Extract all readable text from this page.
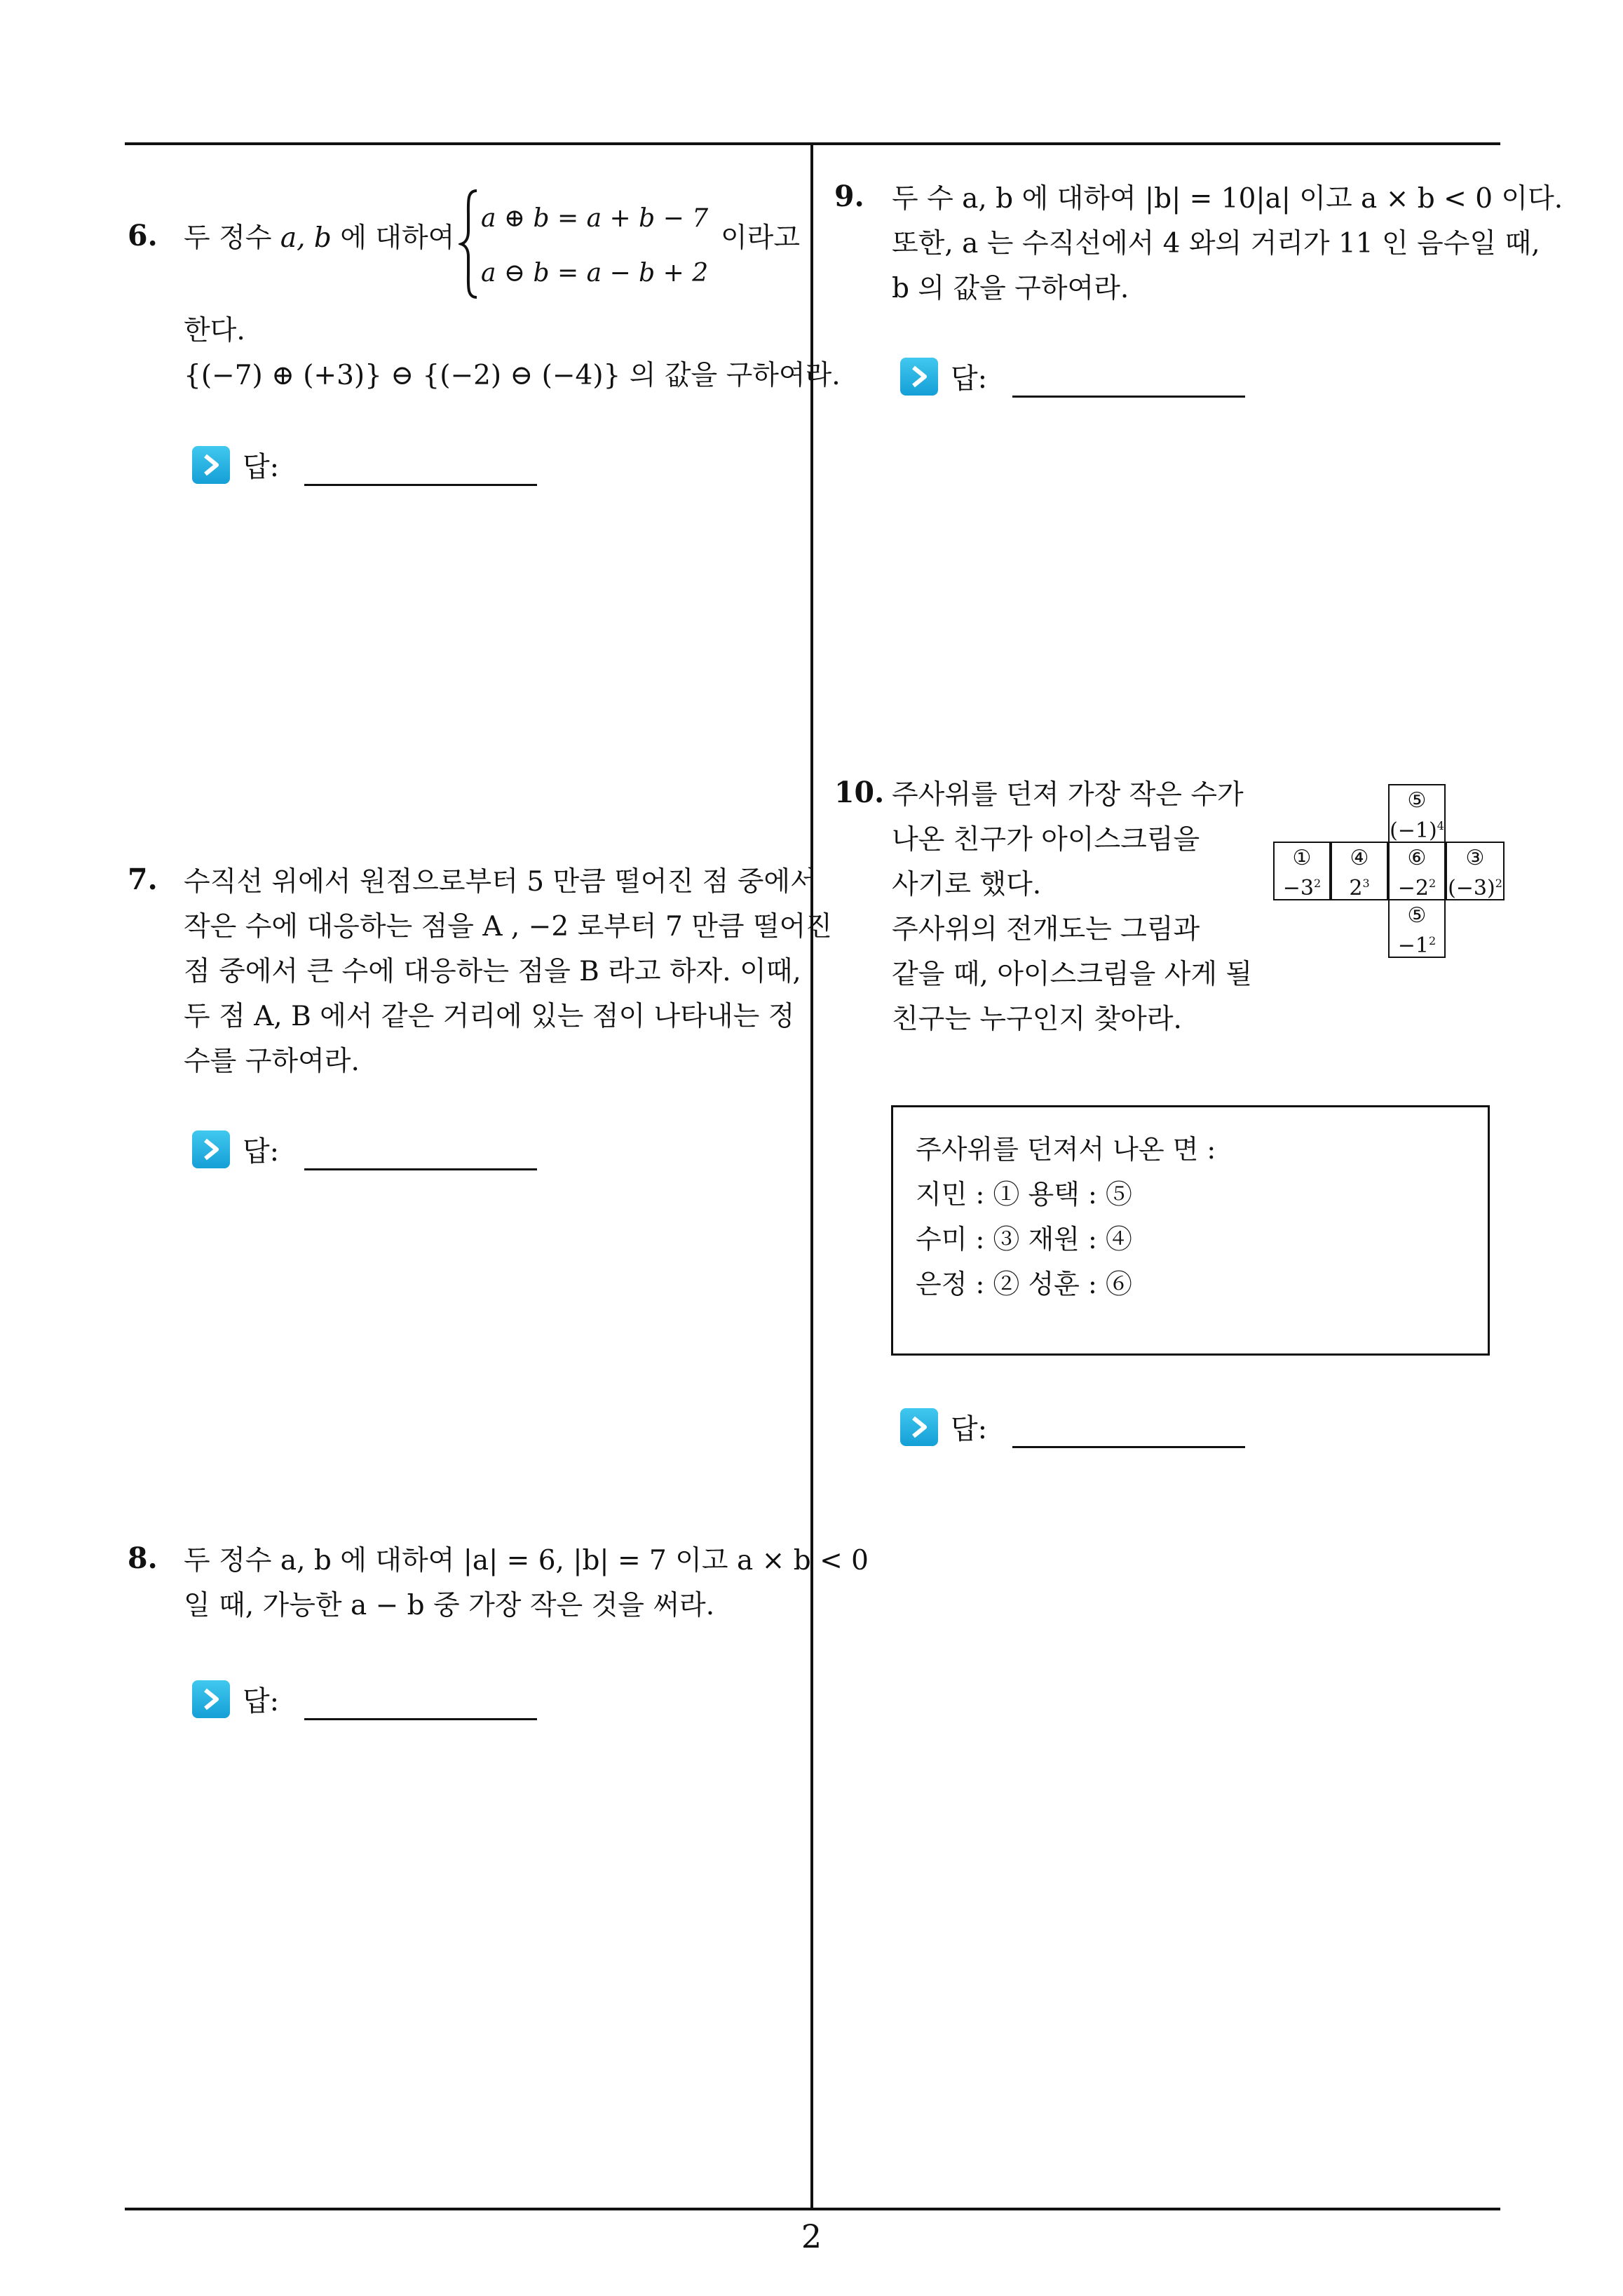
6. 두 정수 a, b 에 대하여
a ⊕ b = a + b − 7
a ⊖ b = a − b + 2
이라고
한다.
{(−7) ⊕ (+3)} ⊖ {(−2) ⊖ (−4)} 의 값을 구하여라.
답:
7. 수직선 위에서 원점으로부터 5 만큼 떨어진 점 중에서
작은 수에 대응하는 점을 A , −2 로부터 7 만큼 떨어진
점 중에서 큰 수에 대응하는 점을 B 라고 하자. 이때,
두 점 A, B 에서 같은 거리에 있는 점이 나타내는 정
수를 구하여라.
답:
8. 두 정수 a, b 에 대하여 |a| = 6, |b| = 7 이고 a × b < 0
일 때, 가능한 a − b 중 가장 작은 것을 써라.
답:
9. 두 수 a, b 에 대하여 |b| = 10|a| 이고 a × b < 0 이다.
또한, a 는 수직선에서 4 와의 거리가 11 인 음수일 때,
b 의 값을 구하여라.
답:
10. 주사위를 던져 가장 작은 수가
나온 친구가 아이스크림을
사기로 했다.
주사위의 전개도는 그림과
같을 때, 아이스크림을 사게 될
친구는 누구인지 찾아라.
⑤
$(-1)^4$
①
$-3^2$
④
$2^3$
⑥
$-2^2$
③
$(-3)^2$
⑤
$-1^2$
주사위를 던져서 나온 면 :
지민 : ① 용택 : ⑤
수미 : ③ 재원 : ④
은정 : ② 성훈 : ⑥
답:
2
